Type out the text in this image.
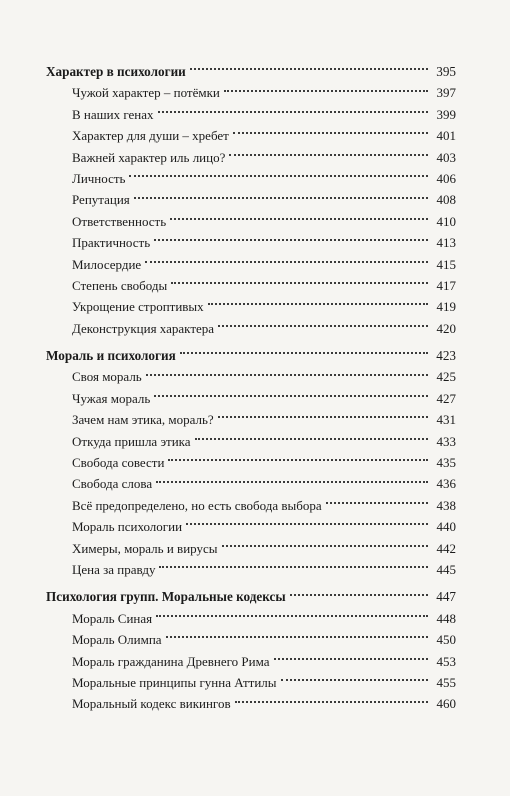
Характер в психологии	395
Чужой характер – потёмки	397
В наших генах	399
Характер для души – хребет	401
Важней характер иль лицо?	403
Личность	406
Репутация	408
Ответственность	410
Практичность	413
Милосердие	415
Степень свободы	417
Укрощение строптивых	419
Деконструкция характера	420
Мораль и психология	423
Своя мораль	425
Чужая мораль	427
Зачем нам этика, мораль?	431
Откуда пришла этика	433
Свобода совести	435
Свобода слова	436
Всё предопределено, но есть свобода выбора	438
Мораль психологии	440
Химеры, мораль и вирусы	442
Цена за правду	445
Психология групп. Моральные кодексы	447
Мораль Синая	448
Мораль Олимпа	450
Мораль гражданина Древнего Рима	453
Моральные принципы гунна Аттилы	455
Моральный кодекс викингов	460
